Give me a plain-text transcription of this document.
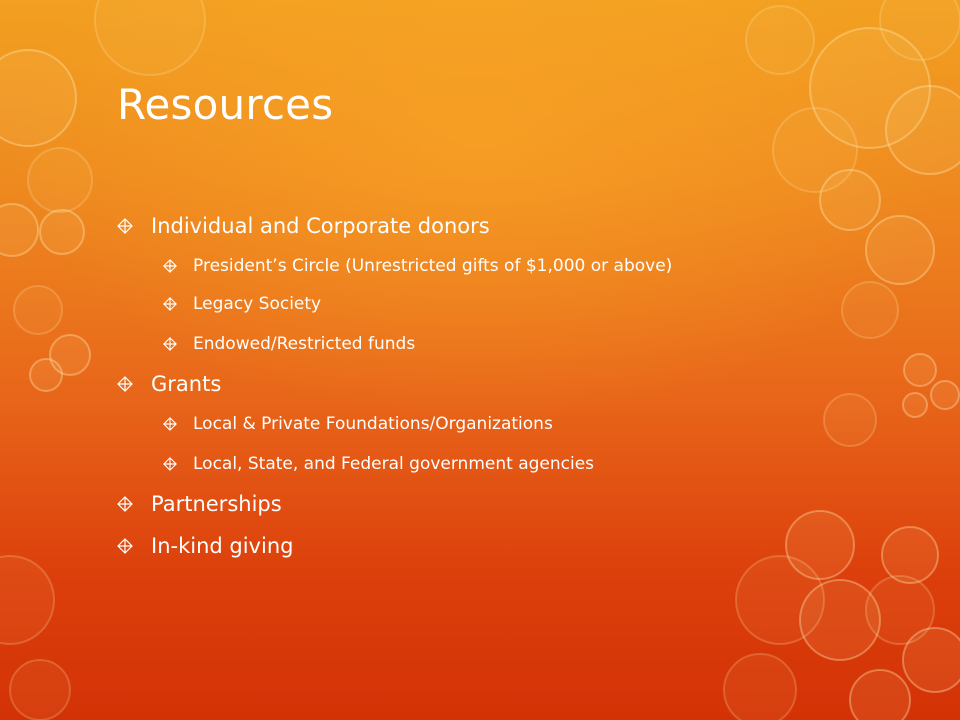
Resources
Individual and Corporate donors
President’s Circle (Unrestricted gifts of $1,000 or above)
Legacy Society
Endowed/Restricted funds
Grants
Local & Private Foundations/Organizations
Local, State, and Federal government agencies
Partnerships
In-kind giving
